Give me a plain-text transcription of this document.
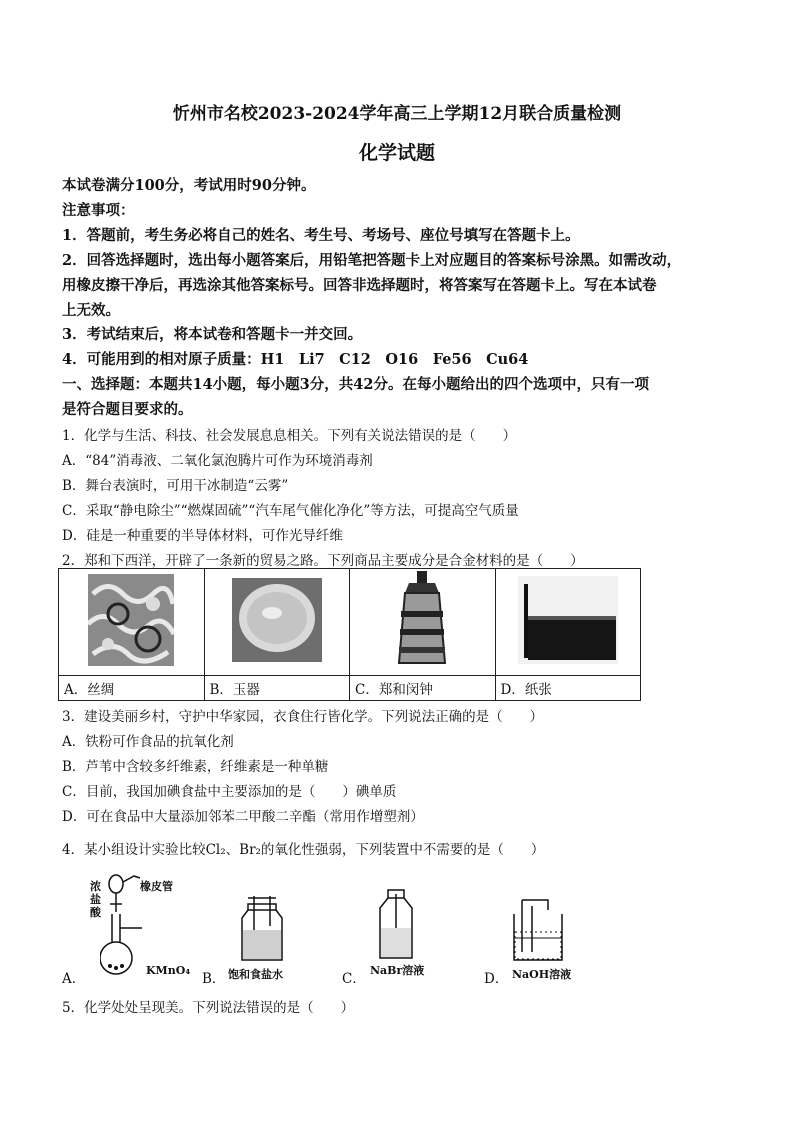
忻州市名校2023-2024学年高三上学期12月联合质量检测
化学试题
本试卷满分100分，考试用时90分钟。
注意事项：
1．答题前，考生务必将自己的姓名、考生号、考场号、座位号填写在答题卡上。
2．回答选择题时，选出每小题答案后，用铅笔把答题卡上对应题目的答案标号涂黑。如需改动，
用橡皮擦干净后，再选涂其他答案标号。回答非选择题时，将答案写在答题卡上。写在本试卷
上无效。
3．考试结束后，将本试卷和答题卡一并交回。
4．可能用到的相对原子质量：H1　Li7　C12　O16　Fe56　Cu64
一、选择题：本题共14小题，每小题3分，共42分。在每小题给出的四个选项中，只有一项
是符合题目要求的。
1．化学与生活、科技、社会发展息息相关。下列有关说法错误的是（　　）
A．“84”消毒液、二氧化氯泡腾片可作为环境消毒剂
B．舞台表演时，可用干冰制造“云雾”
C．采取“静电除尘”“燃煤固硫”“汽车尾气催化净化”等方法，可提高空气质量
D．硅是一种重要的半导体材料，可作光导纤维
2．郑和下西洋，开辟了一条新的贸易之路。下列商品主要成分是合金材料的是（　　）

A．丝绸	B．玉器	C．郑和闵钟	D．纸张
3．建设美丽乡村，守护中华家园，衣食住行皆化学。下列说法正确的是（　　）
A．铁粉可作食品的抗氧化剂
B．芦苇中含较多纤维素，纤维素是一种单糖
C．目前，我国加碘食盐中主要添加的是（　　）碘单质
D．可在食品中大量添加邻苯二甲酸二辛酯（常用作增塑剂）
4．某小组设计实验比较Cl₂、Br₂的氧化性强弱，下列装置中不需要的是（　　）
A．
浓
盐
酸
橡皮管
KMnO₄
B． 饱和食盐水	C．
NaBr溶液
D． NaOH溶液
5．化学处处呈现美。下列说法错误的是（　　）
